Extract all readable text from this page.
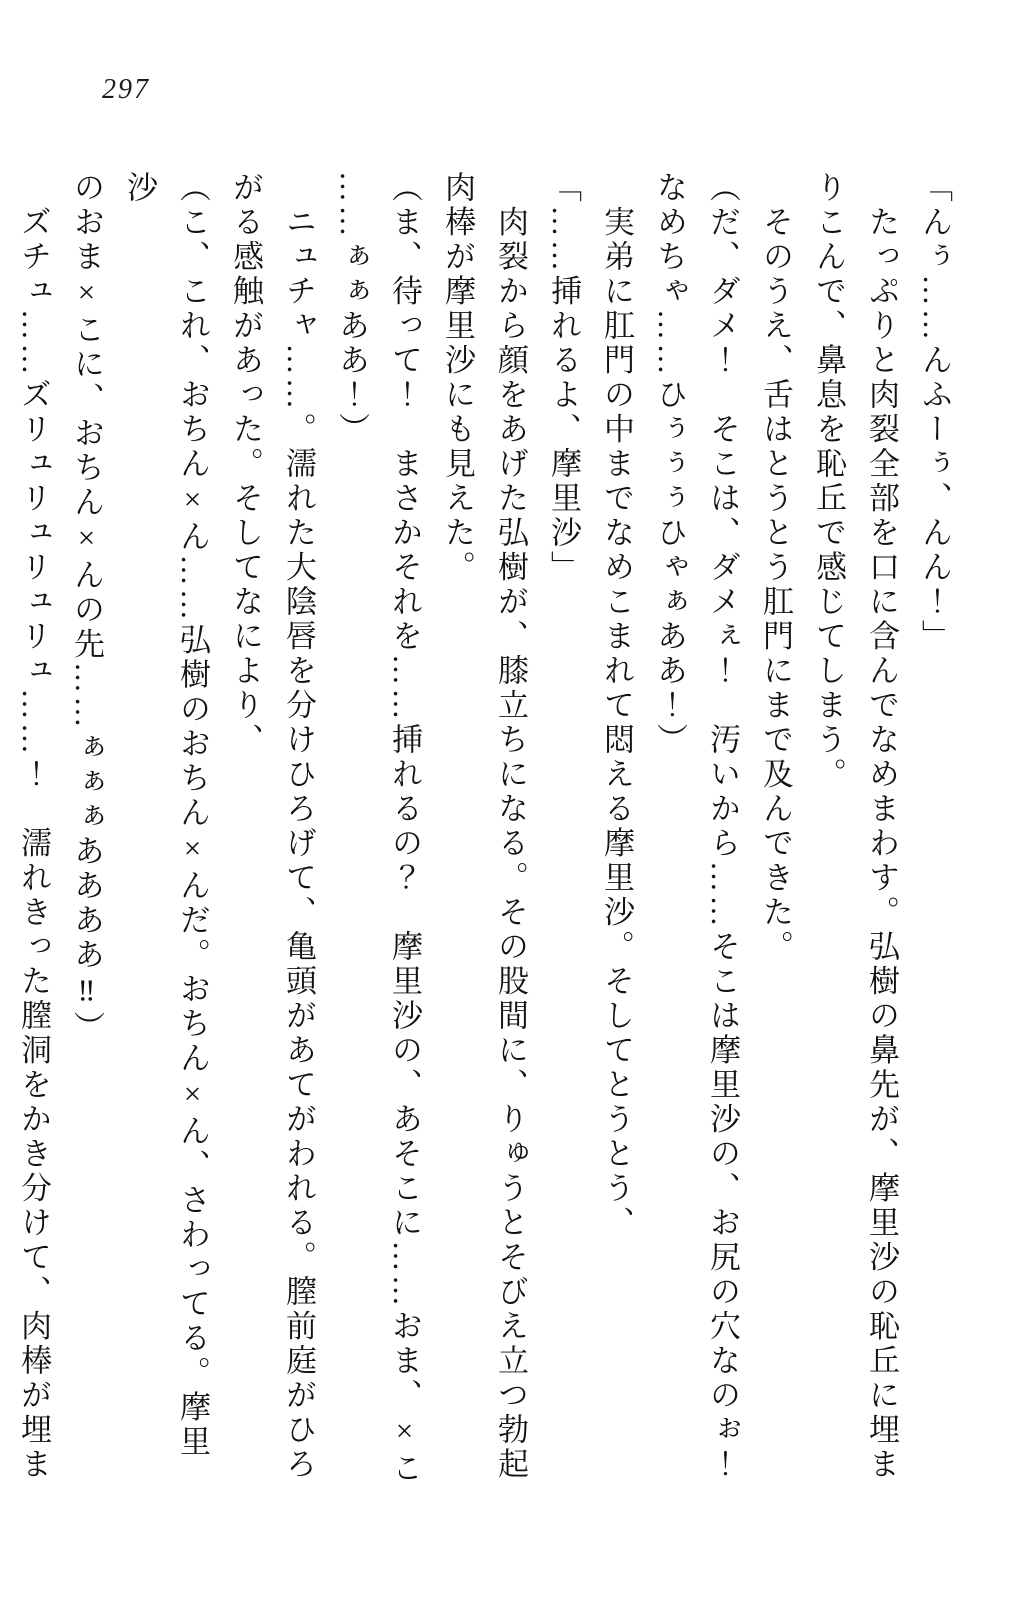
297
「んぅ……んふーぅ、んん！」
　たっぷりと肉裂全部を口に含んでなめまわす。弘樹の鼻先が、摩里沙の恥丘に埋ま
りこんで、鼻息を恥丘で感じてしまう。
　そのうえ、舌はとうとう肛門にまで及んできた。
（だ、ダメ！　そこは、ダメぇ！　汚いから……そこは摩里沙の、お尻の穴なのぉ！
なめちゃ……ひぅぅぅひゃぁああ！）
　実弟に肛門の中までなめこまれて悶える摩里沙。そしてとうとう、
「……挿れるよ、摩里沙」
　肉裂から顔をあげた弘樹が、膝立ちになる。その股間に、りゅうとそびえ立つ勃起
肉棒が摩里沙にも見えた。
（ま、待って！　まさかそれを……挿れるの？　摩里沙の、あそこに……おま、×こ
……ぁぁああ！）
　ニュチャ……。濡れた大陰唇を分けひろげて、亀頭があてがわれる。膣前庭がひろ
がる感触があった。そしてなにより、
（こ、これ、おちん×ん……弘樹のおちん×んだ。おちん×ん、さわってる。摩里沙
のおま×こに、おちん×んの先……ぁぁぁああああ‼）
　ズチュ……ズリュリュリュリュ……！　濡れきった膣洞をかき分けて、肉棒が埋ま
